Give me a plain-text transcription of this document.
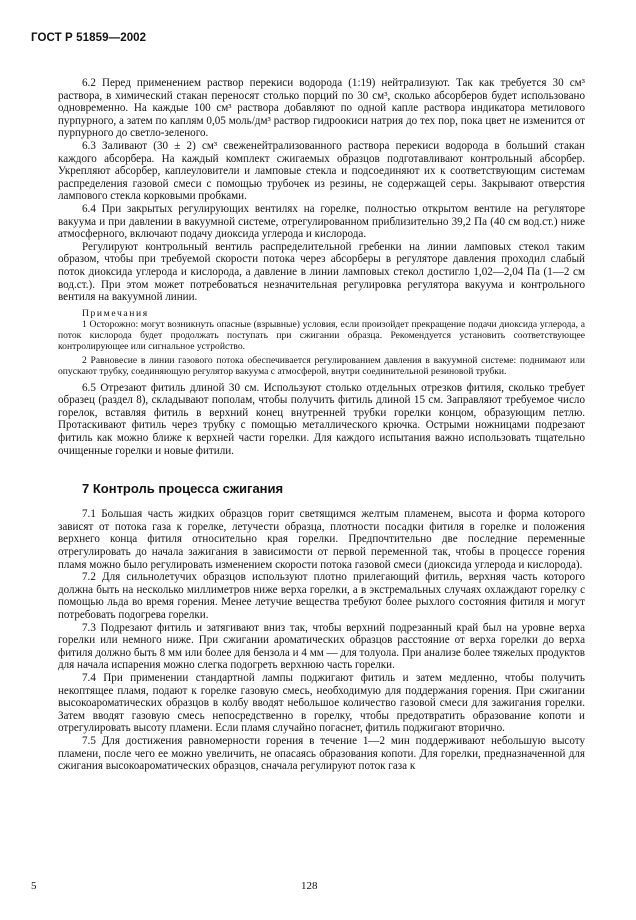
ГОСТ Р 51859—2002

6.2 Перед применением раствор перекиси водорода (1:19) нейтрализуют. Так как требуется 30 см³ раствора, в химический стакан переносят столько порций по 30 см³, сколько абсорберов будет использовано одновременно. На каждые 100 см³ раствора добавляют по одной капле раствора индикатора метилового пурпурного, а затем по каплям 0,05 моль/дм³ раствор гидроокиси натрия до тех пор, пока цвет не изменится от пурпурного до светло-зеленого.

6.3 Заливают (30 ± 2) см³ свеженейтрализованного раствора перекиси водорода в больший стакан каждого абсорбера. На каждый комплект сжигаемых образцов подготавливают контрольный абсорбер. Укрепляют абсорбер, каплеуловители и ламповые стекла и подсоединяют их к соответствующим системам распределения газовой смеси с помощью трубочек из резины, не содержащей серы. Закрывают отверстия лампового стекла корковыми пробками.

6.4 При закрытых регулирующих вентилях на горелке, полностью открытом вентиле на регуляторе вакуума и при давлении в вакуумной системе, отрегулированном приблизительно 39,2 Па (40 см вод.ст.) ниже атмосферного, включают подачу диоксида углерода и кислорода.

Регулируют контрольный вентиль распределительной гребенки на линии ламповых стекол таким образом, чтобы при требуемой скорости потока через абсорберы в регуляторе давления проходил слабый поток диоксида углерода и кислорода, а давление в линии ламповых стекол достигло 1,02—2,04 Па (1—2 см вод.ст.). При этом может потребоваться незначительная регулировка регулятора вакуума и контрольного вентиля на вакуумной линии.

Примечания

1 Осторожно: могут возникнуть опасные (взрывные) условия, если произойдет прекращение подачи диоксида углерода, а поток кислорода будет продолжать поступать при сжигании образца. Рекомендуется установить соответствующее контролирующее или сигнальное устройство.

2 Равновесие в линии газового потока обеспечивается регулированием давления в вакуумной системе: поднимают или опускают трубку, соединяющую регулятор вакуума с атмосферой, внутри соединительной резиновой трубки.

6.5 Отрезают фитиль длиной 30 см. Используют столько отдельных отрезков фитиля, сколько требует образец (раздел 8), складывают пополам, чтобы получить фитиль длиной 15 см. Заправляют требуемое число горелок, вставляя фитиль в верхний конец внутренней трубки горелки концом, образующим петлю. Протаскивают фитиль через трубку с помощью металлического крючка. Острыми ножницами подрезают фитиль как можно ближе к верхней части горелки. Для каждого испытания важно использовать тщательно очищенные горелки и новые фитили.

7 Контроль процесса сжигания

7.1 Большая часть жидких образцов горит светящимся желтым пламенем, высота и форма которого зависят от потока газа к горелке, летучести образца, плотности посадки фитиля в горелке и положения верхнего конца фитиля относительно края горелки. Предпочтительно две последние переменные отрегулировать до начала зажигания в зависимости от первой переменной так, чтобы в процессе горения пламя можно было регулировать изменением скорости потока газовой смеси (диоксида углерода и кислорода).

7.2 Для сильнолетучих образцов используют плотно прилегающий фитиль, верхняя часть которого должна быть на несколько миллиметров ниже верха горелки, а в экстремальных случаях охлаждают горелку с помощью льда во время горения. Менее летучие вещества требуют более рыхлого состояния фитиля и могут потребовать подогрева горелки.

7.3 Подрезают фитиль и затягивают вниз так, чтобы верхний подрезанный край был на уровне верха горелки или немного ниже. При сжигании ароматических образцов расстояние от верха горелки до верха фитиля должно быть 8 мм или более для бензола и 4 мм — для толуола. При анализе более тяжелых продуктов для начала испарения можно слегка подогреть верхнюю часть горелки.

7.4 При применении стандартной лампы поджигают фитиль и затем медленно, чтобы получить некоптящее пламя, подают к горелке газовую смесь, необходимую для поддержания горения. При сжигании высокоароматических образцов в колбу вводят небольшое количество газовой смеси для зажигания горелки. Затем вводят газовую смесь непосредственно в горелку, чтобы предотвратить образование копоти и отрегулировать высоту пламени. Если пламя случайно погаснет, фитиль поджигают вторично.

7.5 Для достижения равномерности горения в течение 1—2 мин поддерживают небольшую высоту пламени, после чего ее можно увеличить, не опасаясь образования копоти. Для горелки, предназначенной для сжигания высокоароматических образцов, сначала регулируют поток газа к

5	128
